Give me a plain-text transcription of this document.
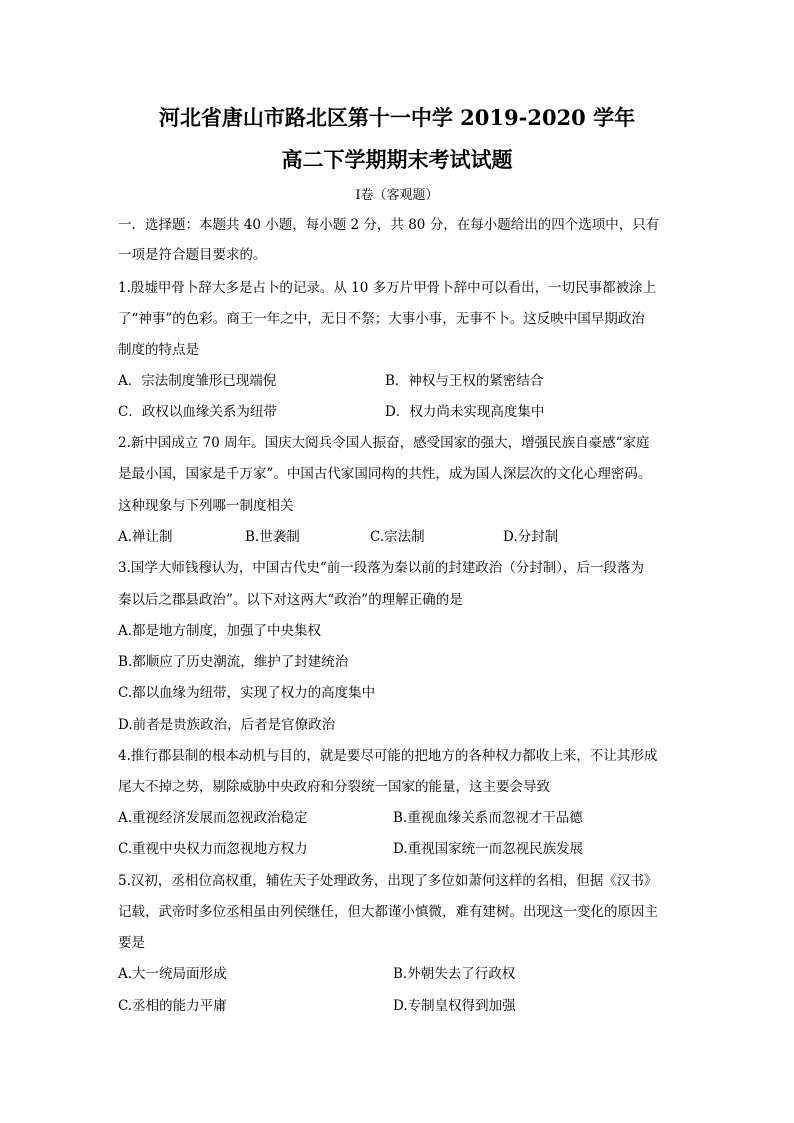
河北省唐山市路北区第十一中学 2019-2020 学年
高二下学期期末考试试题
Ⅰ卷（客观题）
一．选择题：本题共 40 小题，每小题 2 分，共 80 分，在每小题给出的四个选项中，只有
一项是符合题目要求的。
1.殷墟甲骨卜辞大多是占卜的记录。从 10 多万片甲骨卜辞中可以看出，一切民事都被涂上
了“神事”的色彩。商王一年之中，无日不祭；大事小事，无事不卜。这反映中国早期政治
制度的特点是
A．宗法制度雏形已现端倪	B．神权与王权的紧密结合
C．政权以血缘关系为纽带	D．权力尚未实现高度集中
2.新中国成立 70 周年。国庆大阅兵令国人振奋，感受国家的强大，增强民族自豪感“家庭
是最小国，国家是千万家”。中国古代家国同构的共性，成为国人深层次的文化心理密码。
这种现象与下列哪一制度相关
A.禅让制	B.世袭制	C.宗法制	D.分封制
3.国学大师钱穆认为，中国古代史“前一段落为秦以前的封建政治（分封制），后一段落为
秦以后之郡县政治”。以下对这两大“政治”的理解正确的是
A.都是地方制度，加强了中央集权
B.都顺应了历史潮流，维护了封建统治
C.都以血缘为纽带，实现了权力的高度集中
D.前者是贵族政治，后者是官僚政治
4.推行郡县制的根本动机与目的，就是要尽可能的把地方的各种权力都收上来，不让其形成
尾大不掉之势，剔除威胁中央政府和分裂统一国家的能量，这主要会导致
A.重视经济发展而忽视政治稳定	B.重视血缘关系而忽视才干品德
C.重视中央权力而忽视地方权力	D.重视国家统一而忽视民族发展
5.汉初，丞相位高权重，辅佐天子处理政务，出现了多位如萧何这样的名相，但据《汉书》
记载，武帝时多位丞相虽由列侯继任，但大都谨小慎微，难有建树。出现这一变化的原因主
要是
A.大一统局面形成	B.外朝失去了行政权
C.丞相的能力平庸	D.专制皇权得到加强
